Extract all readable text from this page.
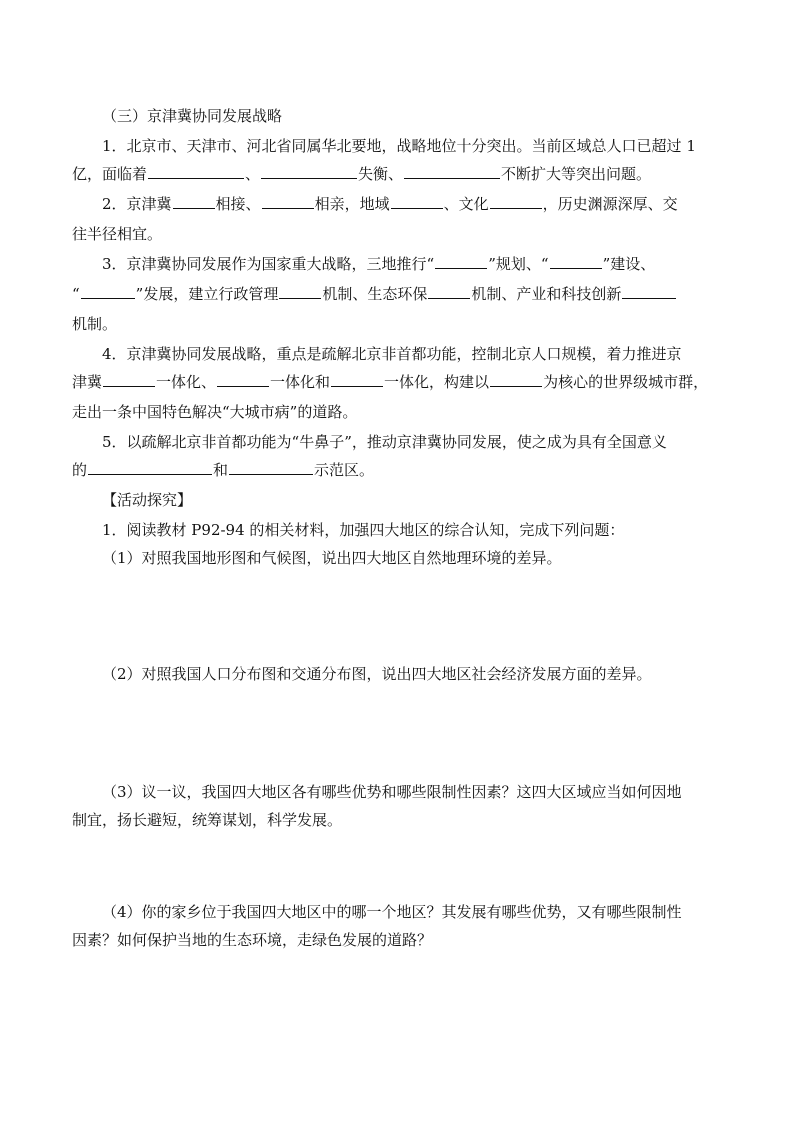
（三）京津冀协同发展战略
1．北京市、天津市、河北省同属华北要地，战略地位十分突出。当前区域总人口已超过 1
亿，面临着	、	失衡、	不断扩大等突出问题。
2．京津冀	相接、	相亲，地域	、文化	，历史渊源深厚、交
往半径相宜。
3．京津冀协同发展作为国家重大战略，三地推行“	”规划、“	”建设、
“	”发展，建立行政管理	机制、生态环保	机制、产业和科技创新
机制。
4．京津冀协同发展战略，重点是疏解北京非首都功能，控制北京人口规模，着力推进京
津冀	一体化、	一体化和	一体化，构建以	为核心的世界级城市群，
走出一条中国特色解决“大城市病”的道路。
5．以疏解北京非首都功能为“牛鼻子”，推动京津冀协同发展，使之成为具有全国意义
的	和	示范区。
【活动探究】
1．阅读教材 P92-94 的相关材料，加强四大地区的综合认知，完成下列问题：
（1）对照我国地形图和气候图，说出四大地区自然地理环境的差异。
（2）对照我国人口分布图和交通分布图，说出四大地区社会经济发展方面的差异。
（3）议一议，我国四大地区各有哪些优势和哪些限制性因素？这四大区域应当如何因地
制宜，扬长避短，统筹谋划，科学发展。
（4）你的家乡位于我国四大地区中的哪一个地区？其发展有哪些优势，又有哪些限制性
因素？如何保护当地的生态环境，走绿色发展的道路？
